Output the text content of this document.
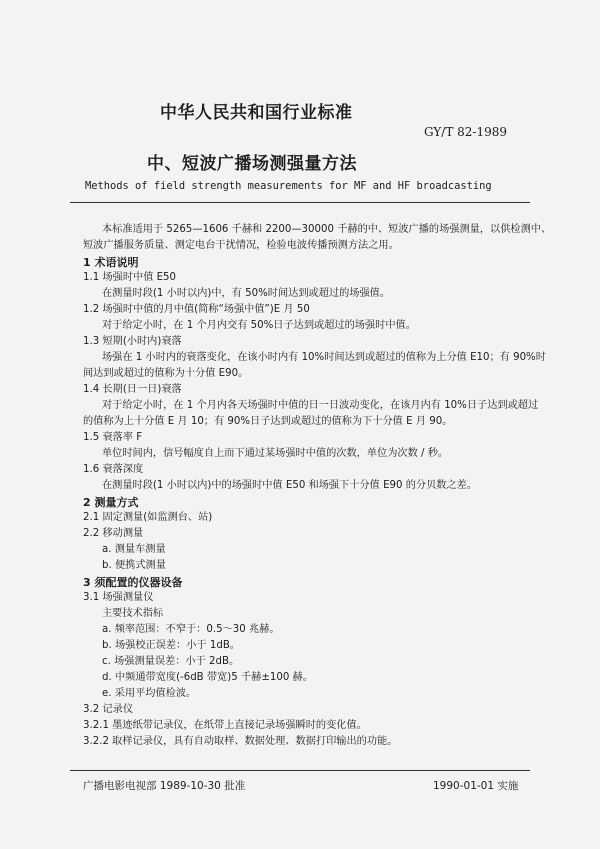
中华人民共和国行业标准
GY/T 82-1989
中、短波广播场测强量方法
Methods of field strength measurements for MF and HF broadcasting
本标准适用于 5265—1606 千赫和 2200—30000 千赫的中、短波广播的场强测量，以供检测中、
短波广播服务质量、测定电台干扰情况，检验电波传播预测方法之用。
1 术语说明
1.1 场强时中值 E50
在测量时段(1 小时以内)中，有 50%时间达到或超过的场强值。
1.2 场强时中值的月中值(简称“场强中值”)E 月 50
对于给定小时，在 1 个月内交有 50%日子达到或超过的场强时中值。
1.3 短期(小时内)衰落
场强在 1 小时内的衰落变化，在该小时内有 10%时间达到或超过的值称为上分值 E10；有 90%时
间达到或超过的值称为十分值 E90。
1.4 长期(日一日)衰落
对于给定小时，在 1 个月内各天场强时中值的日一日波动变化，在该月内有 10%日子达到或超过
的值称为上十分值 E 月 10；有 90%日子达到或超过的值称为下十分值 E 月 90。
1.5 衰落率 F
单位时间内，信号幅度自上而下通过某场强时中值的次数，单位为次数 / 秒。
1.6 衰落深度
在测量时段(1 小时以内)中的场强时中值 E50 和场强下十分值 E90 的分贝数之差。
2 测量方式
2.1 固定测量(如监测台、站)
2.2 移动测量
a. 测量车测量
b. 便携式测量
3 须配置的仪器设备
3.1 场强测量仪
主要技术指标
a. 频率范围：不窄于：0.5～30 兆赫。
b. 场强校正误差：小于 1dB。
c. 场强测量误差：小于 2dB。
d. 中频通带宽度(-6dB 带宽)5 千赫±100 赫。
e. 采用平均值检波。
3.2 记录仪
3.2.1 墨迹纸带记录仪，在纸带上直接记录场强瞬时的变化值。
3.2.2 取样记录仪，具有自动取样、数据处理、数据打印输出的功能。
广播电影电视部 1989-10-30 批准	1990-01-01 实施
